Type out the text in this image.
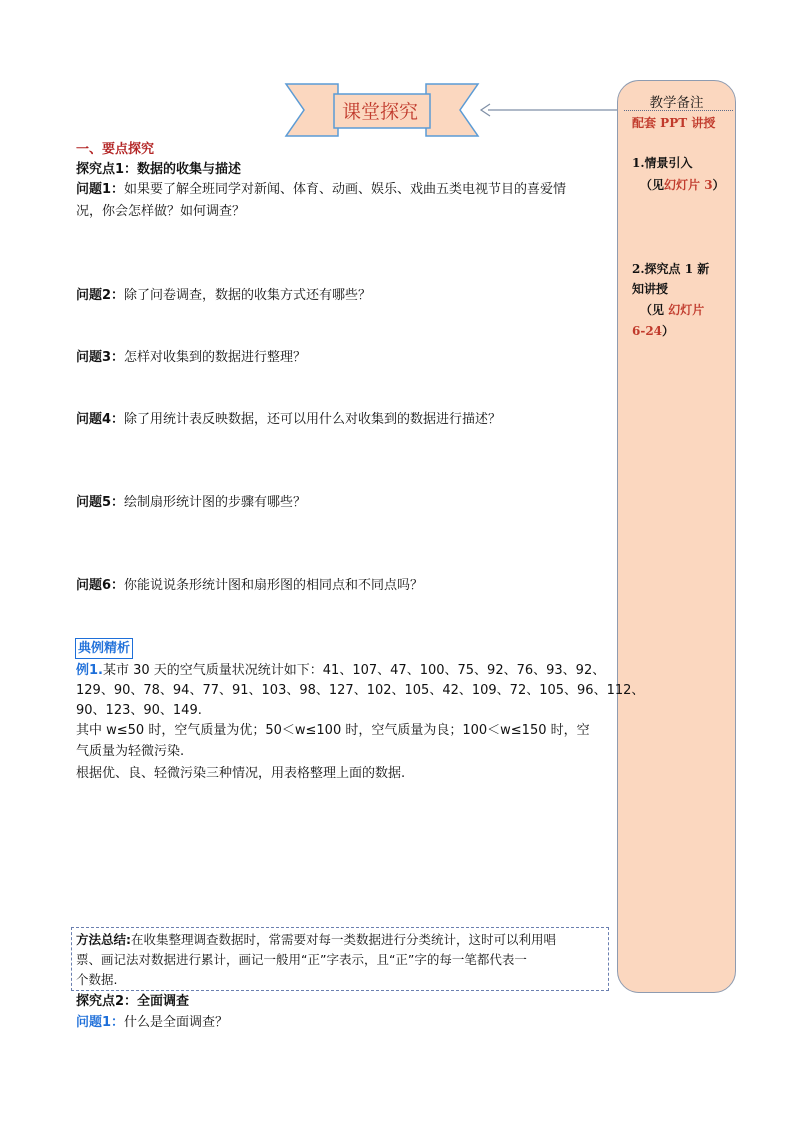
课堂探究	教学备注
配套 PPT 讲授
1.情景引入
（见幻灯片 3）
2.探究点 1 新
知讲授
（见 幻灯片
6-24）
一、要点探究
探究点1：数据的收集与描述
问题1：如果要了解全班同学对新闻、体育、动画、娱乐、戏曲五类电视节目的喜爱情
况，你会怎样做？如何调查？
问题2：除了问卷调查，数据的收集方式还有哪些？
问题3：怎样对收集到的数据进行整理？
问题4：除了用统计表反映数据，还可以用什么对收集到的数据进行描述？
问题5：绘制扇形统计图的步骤有哪些？
问题6：你能说说条形统计图和扇形图的相同点和不同点吗？
典例精析
例1.某市 30 天的空气质量状况统计如下：41、107、47、100、75、92、76、93、92、
129、90、78、94、77、91、103、98、127、102、105、42、109、72、105、96、112、
90、123、90、149.
其中 w≤50 时，空气质量为优；50＜w≤100 时，空气质量为良；100＜w≤150 时，空
气质量为轻微污染.
根据优、良、轻微污染三种情况，用表格整理上面的数据.
方法总结:在收集整理调查数据时，常需要对每一类数据进行分类统计，这时可以利用唱
票、画记法对数据进行累计，画记一般用“正”字表示，且“正”字的每一笔都代表一
个数据.
探究点2：全面调查
问题1：什么是全面调查？
